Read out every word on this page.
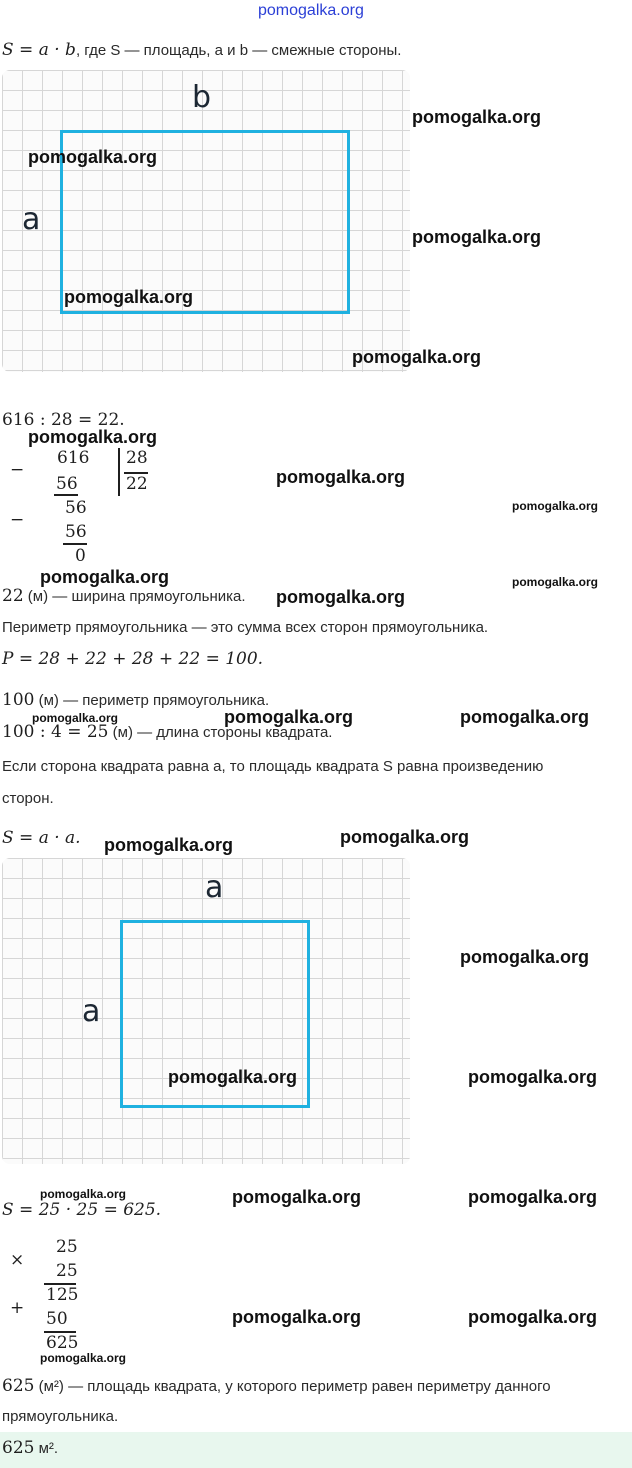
pomogalka.org
S = a · b, где S — площадь, a и b — смежные стороны.
b
a
616 : 28 = 22.
−
616 28
22
56
−
56
56
0
22 (м) — ширина прямоугольника.
Периметр прямоугольника — это сумма всех сторон прямоугольника.
P = 28 + 22 + 28 + 22 = 100.
100 (м) — периметр прямоугольника.
100 : 4 = 25 (м) — длина стороны квадрата.
Если сторона квадрата равна a, то площадь квадрата S равна произведению
сторон.
S = a · a.
a
a
S = 25 · 25 = 625.
×
25
25
+
125
50
625
625 (м²) — площадь квадрата, у которого периметр равен периметру данного
прямоугольника.
625 м².
pomogalka.org
pomogalka.org
pomogalka.org
pomogalka.org
pomogalka.org
pomogalka.org
pomogalka.org
pomogalka.org
pomogalka.org	pomogalka.org
pomogalka.org
pomogalka.org	pomogalka.org	pomogalka.org
pomogalka.org
pomogalka.org
pomogalka.org
pomogalka.org	pomogalka.org
pomogalka.org	pomogalka.org	pomogalka.org
pomogalka.org	pomogalka.org
pomogalka.org
